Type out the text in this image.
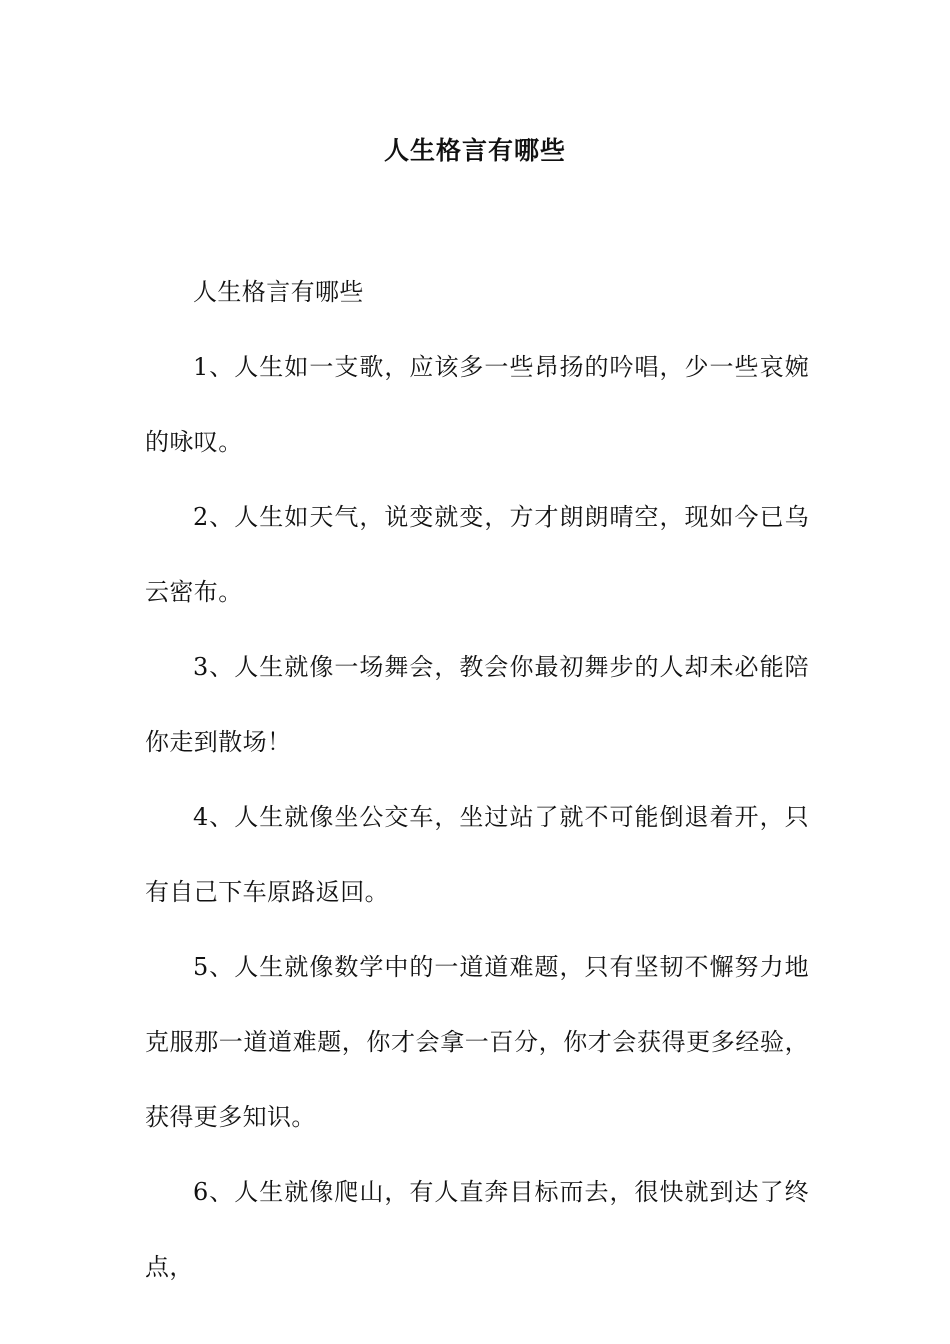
人生格言有哪些

人生格言有哪些

1、人生如一支歌，应该多一些昂扬的吟唱，少一些哀婉的咏叹。

2、人生如天气，说变就变，方才朗朗晴空，现如今已乌云密布。

3、人生就像一场舞会，教会你最初舞步的人却未必能陪你走到散场！

4、人生就像坐公交车，坐过站了就不可能倒退着开，只有自己下车原路返回。

5、人生就像数学中的一道道难题，只有坚韧不懈努力地克服那一道道难题，你才会拿一百分，你才会获得更多经验，获得更多知识。

6、人生就像爬山，有人直奔目标而去，很快就到达了终点，
